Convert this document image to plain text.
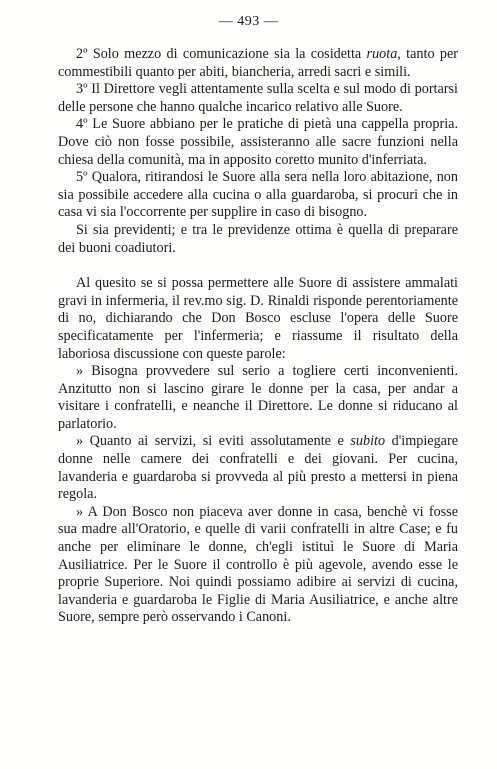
— 493 —

2º Solo mezzo di comunicazione sia la cosidetta ruota, tanto per commestibili quanto per abiti, biancheria, arredi sacri e simili.

3º Il Direttore vegli attentamente sulla scelta e sul modo di portarsi delle persone che hanno qualche incarico relativo alle Suore.

4º Le Suore abbiano per le pratiche di pietà una cappella propria. Dove ciò non fosse possibile, assisteranno alle sacre funzioni nella chiesa della comunità, ma in apposito coretto munito d'inferriata.

5º Qualora, ritirandosi le Suore alla sera nella loro abitazione, non sia possibile accedere alla cucina o alla guardaroba, si procuri che in casa vi sia l'occorrente per supplire in caso di bisogno.

Si sia previdenti; e tra le previdenze ottima è quella di preparare dei buoni coadiutori.

Al quesito se si possa permettere alle Suore di assistere ammalati gravi in infermeria, il rev.mo sig. D. Rinaldi risponde perentoriamente di no, dichiarando che Don Bosco escluse l'opera delle Suore specificatamente per l'infermeria; e riassume il risultato della laboriosa discussione con queste parole:

» Bisogna provvedere sul serio a togliere certi inconvenienti. Anzitutto non si lascino girare le donne per la casa, per andar a visitare i confratelli, e neanche il Direttore. Le donne si riducano al parlatorio.

» Quanto ai servizi, si eviti assolutamente e subito d'impiegare donne nelle camere dei confratelli e dei giovani. Per cucina, lavanderia e guardaroba si provveda al più presto a mettersi in piena regola.

» A Don Bosco non piaceva aver donne in casa, benchè vi fosse sua madre all'Oratorio, e quelle di varii confratelli in altre Case; e fu anche per eliminare le donne, ch'egli istituì le Suore di Maria Ausiliatrice. Per le Suore il controllo è più agevole, avendo esse le proprie Superiore. Noi quindi possiamo adibire ai servizi di cucina, lavanderia e guardaroba le Figlie di Maria Ausiliatrice, e anche altre Suore, sempre però osservando i Canoni.
